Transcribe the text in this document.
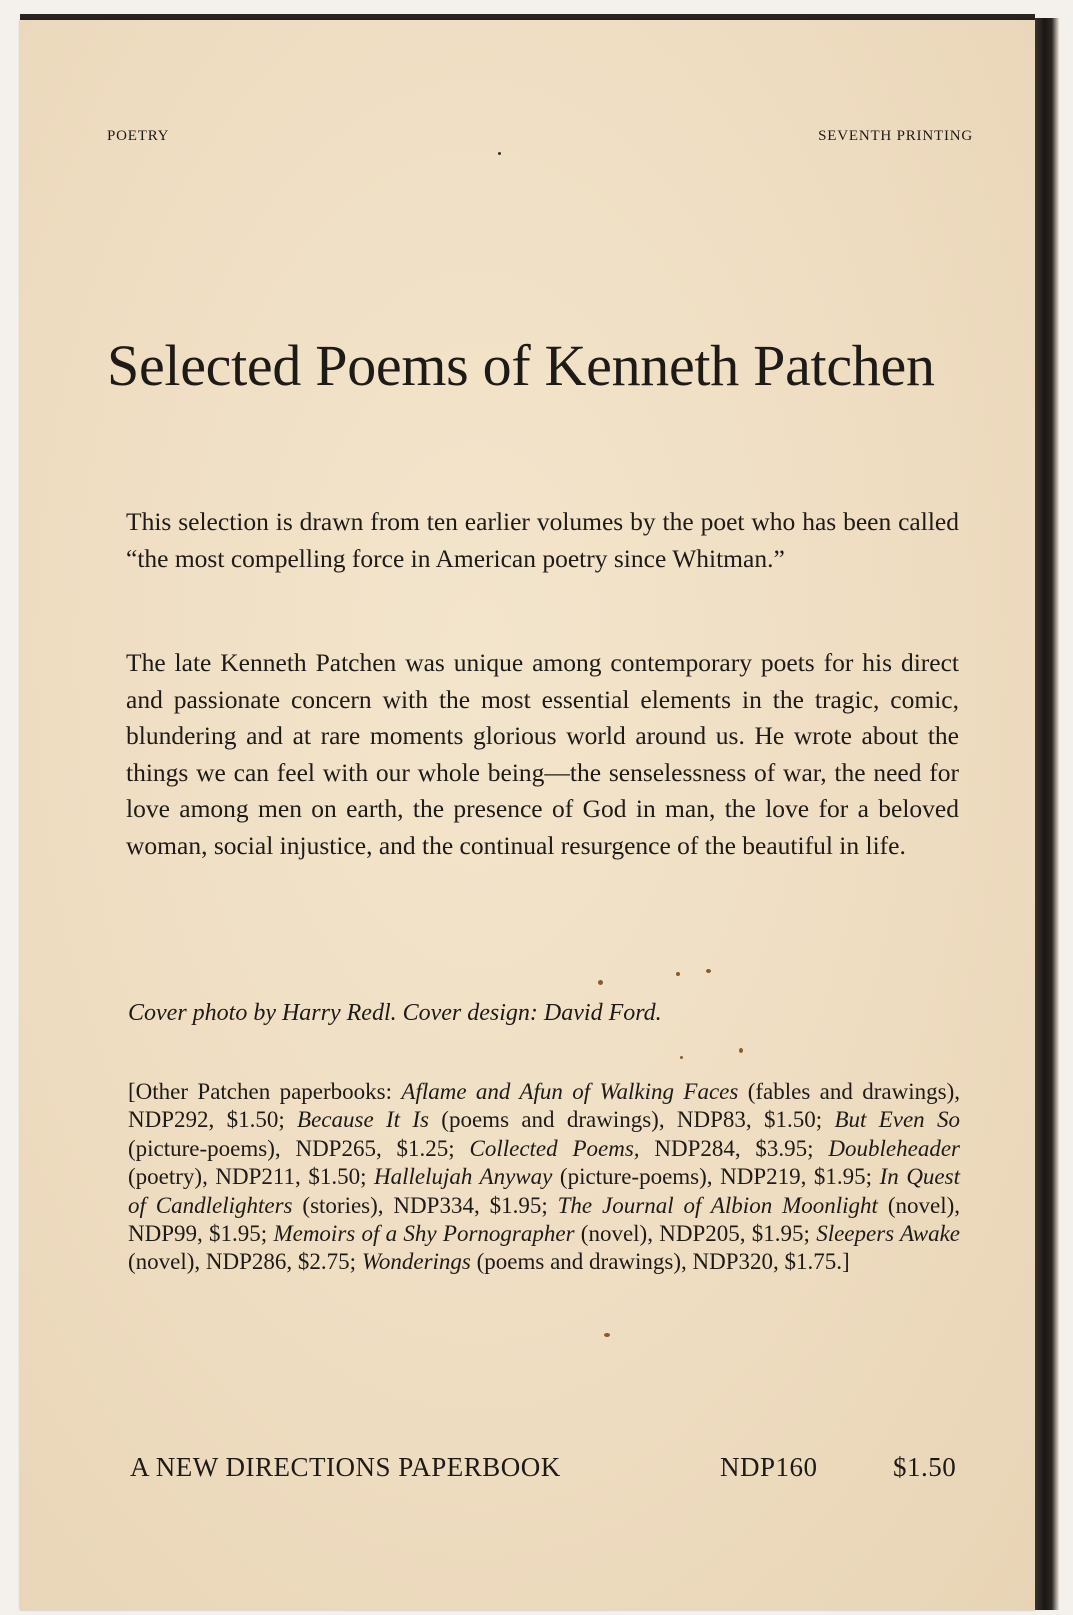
POETRY	SEVENTH PRINTING

Selected Poems of Kenneth Patchen

This selection is drawn from ten earlier volumes by the poet who has been called “the most compelling force in American poetry since Whitman.”

The late Kenneth Patchen was unique among contemporary poets for his direct and passionate concern with the most essential elements in the tragic, comic, blundering and at rare moments glorious world around us. He wrote about the things we can feel with our whole being—the senselessness of war, the need for love among men on earth, the presence of God in man, the love for a beloved woman, social injustice, and the continual resurgence of the beautiful in life.

Cover photo by Harry Redl. Cover design: David Ford.

[Other Patchen paperbooks: Aflame and Afun of Walking Faces (fables and drawings), NDP292, $1.50; Because It Is (poems and drawings), NDP83, $1.50; But Even So (picture-poems), NDP265, $1.25; Collected Poems, NDP284, $3.95; Doubleheader (poetry), NDP211, $1.50; Hallelujah Anyway (picture-poems), NDP219, $1.95; In Quest of Candlelighters (stories), NDP334, $1.95; The Journal of Albion Moonlight (novel), NDP99, $1.95; Memoirs of a Shy Pornographer (novel), NDP205, $1.95; Sleepers Awake (novel), NDP286, $2.75; Wonderings (poems and drawings), NDP320, $1.75.]

A NEW DIRECTIONS PAPERBOOK	NDP160	$1.50
